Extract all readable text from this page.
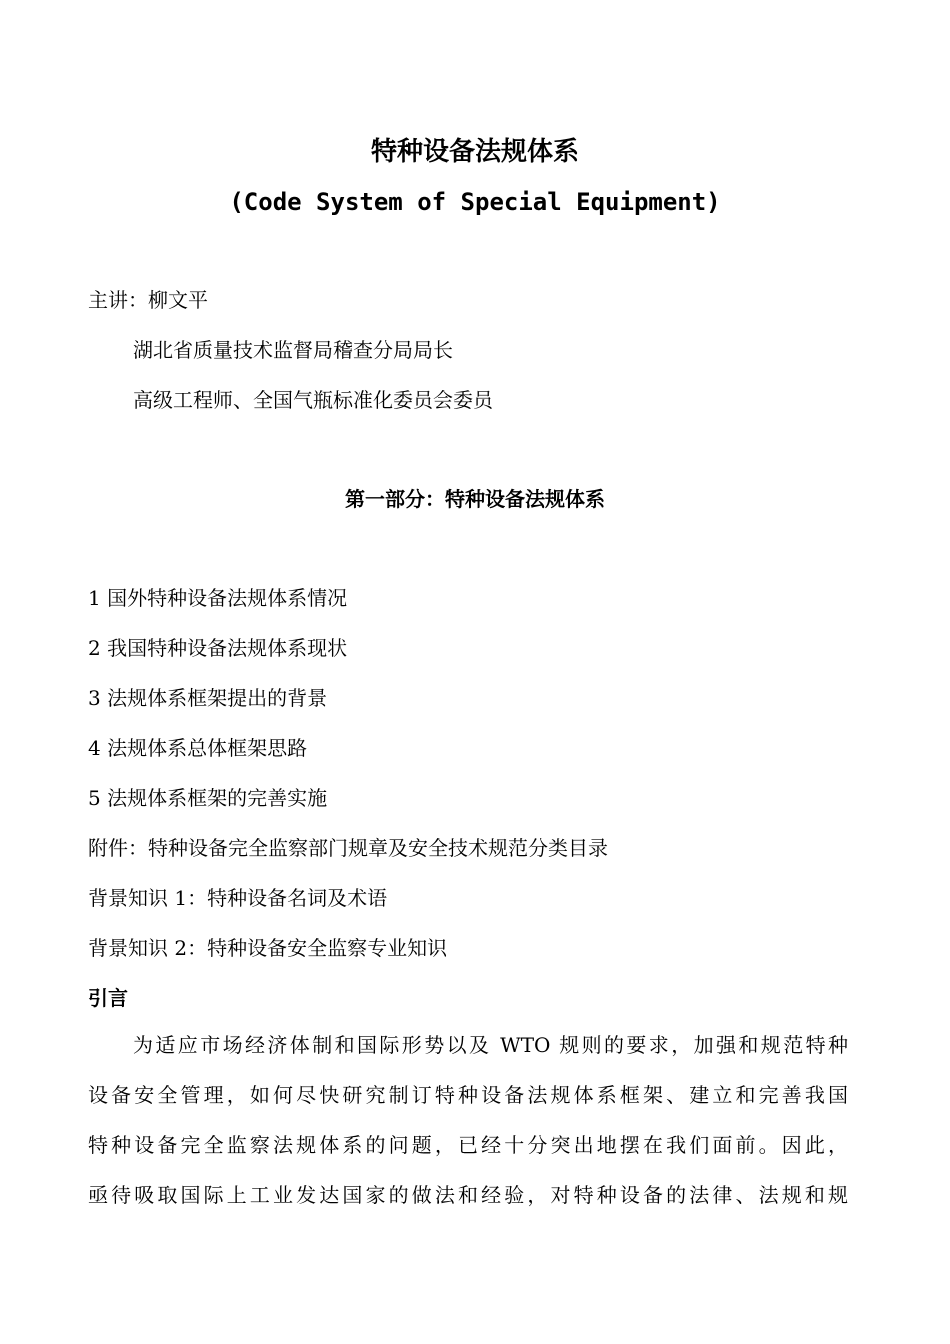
特种设备法规体系
(Code System of Special Equipment)

主讲：柳文平

湖北省质量技术监督局稽查分局局长

高级工程师、全国气瓶标准化委员会委员

第一部分：特种设备法规体系

1 国外特种设备法规体系情况

2 我国特种设备法规体系现状

3 法规体系框架提出的背景

4 法规体系总体框架思路

5 法规体系框架的完善实施

附件：特种设备完全监察部门规章及安全技术规范分类目录

背景知识 1：特种设备名词及术语

背景知识 2：特种设备安全监察专业知识

引言
为适应市场经济体制和国际形势以及 WTO 规则的要求，加强和规范特种
设备安全管理，如何尽快研究制订特种设备法规体系框架、建立和完善我国
特种设备完全监察法规体系的问题，已经十分突出地摆在我们面前。因此，
亟待吸取国际上工业发达国家的做法和经验，对特种设备的法律、法规和规
